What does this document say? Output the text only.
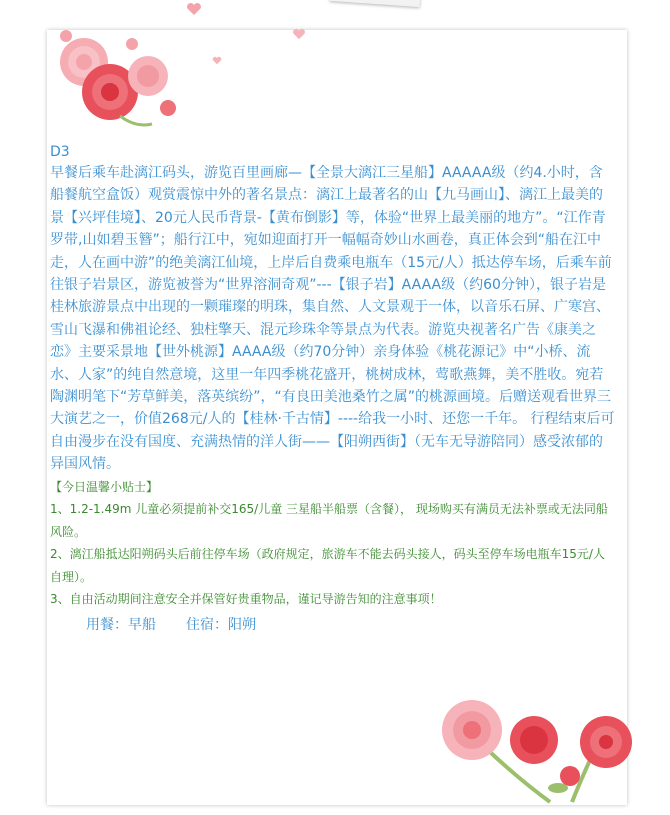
D3

早餐后乘车赴漓江码头，游览百里画廊—【全景大漓江三星船】AAAAA级（约4.小时，含船餐航空盒饭）观赏震惊中外的著名景点：漓江上最著名的山【九马画山】、漓江上最美的景【兴坪佳境】、20元人民币背景-【黄布倒影】等，体验“世界上最美丽的地方”。“江作青罗带,山如碧玉簪”；船行江中，宛如迎面打开一幅幅奇妙山水画卷，真正体会到“船在江中走，人在画中游”的绝美漓江仙境，上岸后自费乘电瓶车（15元/人）抵达停车场，后乘车前往银子岩景区，游览被誉为“世界溶洞奇观”---【银子岩】AAAA级（约60分钟），银子岩是桂林旅游景点中出现的一颗璀璨的明珠，集自然、人文景观于一体，以音乐石屏、广寒宫、雪山飞瀑和佛祖论经、独柱擎天、混元珍珠伞等景点为代表。游览央视著名广告《康美之恋》主要采景地【世外桃源】AAAA级（约70分钟）亲身体验《桃花源记》中“小桥、流水、人家”的纯自然意境，这里一年四季桃花盛开，桃树成林，莺歌燕舞，美不胜收。宛若陶渊明笔下“芳草鲜美，落英缤纷”，“有良田美池桑竹之属”的桃源画境。后赠送观看世界三大演艺之一，价值268元/人的【桂林·千古情】----给我一小时、还您一千年。 行程结束后可自由漫步在没有国度、充满热情的洋人街——【阳朔西街】（无车无导游陪同）感受浓郁的异国风情。

【今日温馨小贴士】

1、1.2-1.49m 儿童必须提前补交165/儿童 三星船半船票（含餐）， 现场购买有满员无法补票或无法同船风险。

2、漓江船抵达阳朔码头后前往停车场（政府规定，旅游车不能去码头接人，码头至停车场电瓶车15元/人自理）。

3、自由活动期间注意安全并保管好贵重物品，谨记导游告知的注意事项！

用餐：早船 住宿：阳朔
